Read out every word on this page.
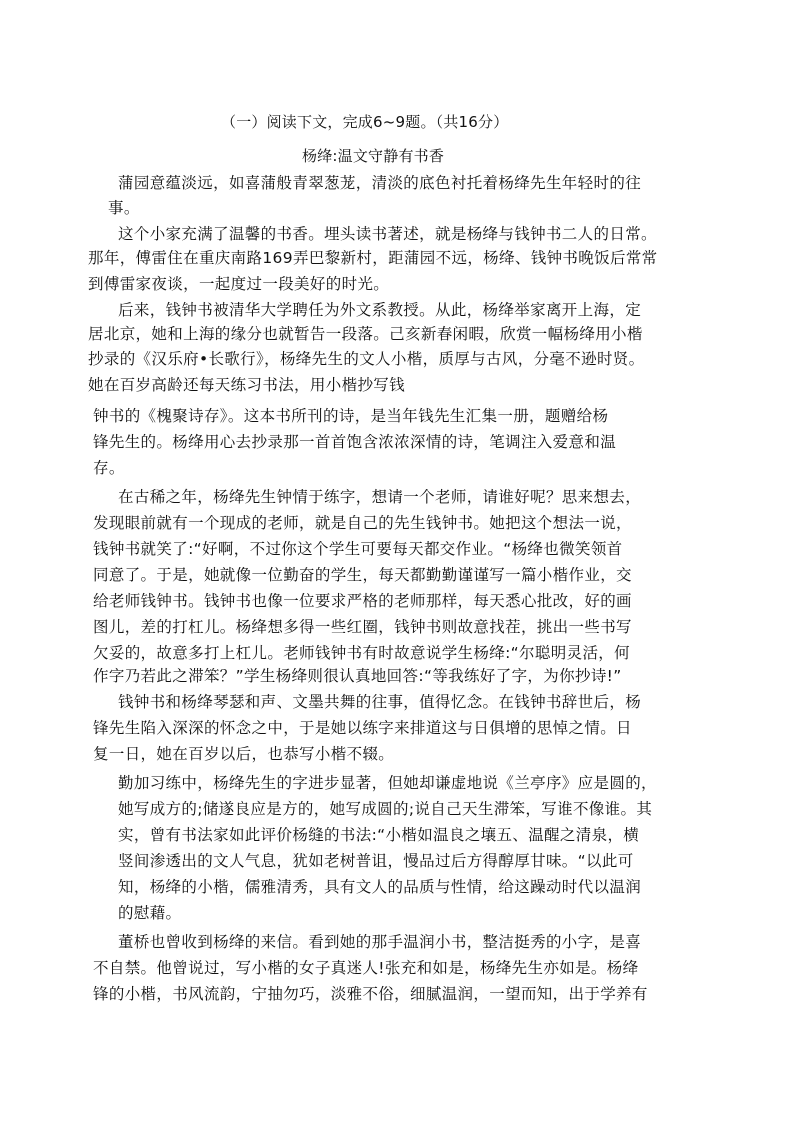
（一）阅读下文，完成6~9题。（共16分）
杨绛:温文守静有书香
蒲园意蕴淡远，如喜蒲般青翠葱茏，清淡的底色衬托着杨绛先生年轻时的往
事。
这个小家充满了温馨的书香。埋头读书著述，就是杨绛与钱钟书二人的日常。
那年，傅雷住在重庆南路169弄巴黎新村，距蒲园不远，杨绛、钱钟书晚饭后常常
到傅雷家夜谈，一起度过一段美好的时光。
后来，钱钟书被清华大学聘任为外文系教授。从此，杨绛举家离开上海，定
居北京，她和上海的缘分也就暂告一段落。己亥新春闲暇，欣赏一幅杨绛用小楷
抄录的《汉乐府•长歌行》，杨绛先生的文人小楷，质厚与古风，分毫不逊时贤。
她在百岁高龄还每天练习书法，用小楷抄写钱
钟书的《槐聚诗存》。这本书所刊的诗，是当年钱先生汇集一册，题赠给杨
锋先生的。杨绛用心去抄录那一首首饱含浓浓深情的诗，笔调注入爱意和温
存。
在古稀之年，杨绛先生钟情于练字，想请一个老师，请谁好呢？思来想去，
发现眼前就有一个现成的老师，就是自己的先生钱钟书。她把这个想法一说，
钱钟书就笑了:“好啊，不过你这个学生可要每天都交作业。“杨绛也微笑领首
同意了。于是，她就像一位勤奋的学生，每天都勤勤谨谨写一篇小楷作业，交
给老师钱钟书。钱钟书也像一位要求严格的老师那样，每天悉心批改，好的画
图儿，差的打杠儿。杨绛想多得一些红圈，钱钟书则故意找茬，挑出一些书写
欠妥的，故意多打上杠儿。老师钱钟书有时故意说学生杨绛:“尔聪明灵活，何
作字乃若此之滞笨？”学生杨绛则很认真地回答:“等我练好了字，为你抄诗!”
钱钟书和杨绛琴瑟和声、文墨共舞的往事，值得忆念。在钱钟书辞世后，杨
锋先生陷入深深的怀念之中，于是她以练字来排道这与日俱增的思悼之情。日
复一日，她在百岁以后，也恭写小楷不辍。
勤加习练中，杨绛先生的字进步显著，但她却谦虚地说《兰亭序》应是圆的，
她写成方的;储遂良应是方的，她写成圆的;说自己天生滞笨，写谁不像谁。其
实，曾有书法家如此评价杨缝的书法:“小楷如温良之壤五、温醒之清泉，横
竖间渗透出的文人气息，犹如老树普诅，慢品过后方得醇厚甘味。“以此可
知，杨绛的小楷，儒雅清秀，具有文人的品质与性情，给这躁动时代以温润
的慰藉。
董桥也曾收到杨绛的来信。看到她的那手温润小书，整洁挺秀的小字，是喜
不自禁。他曾说过，写小楷的女子真迷人!张充和如是，杨绛先生亦如是。杨绛
锋的小楷，书风流韵，宁抽勿巧，淡雅不俗，细腻温润，一望而知，出于学养有
